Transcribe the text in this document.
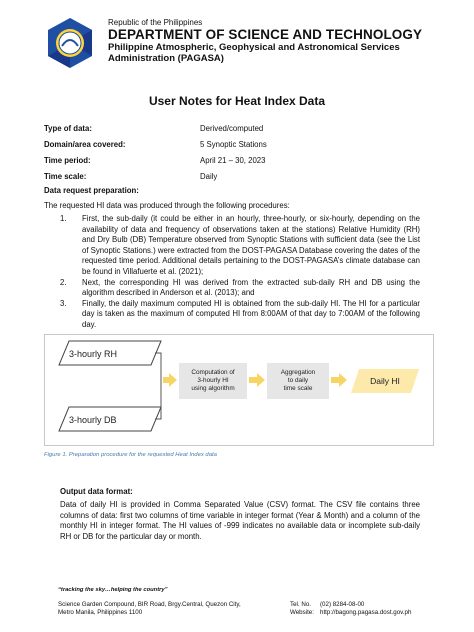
Republic of the Philippines
DEPARTMENT OF SCIENCE AND TECHNOLOGY
Philippine Atmospheric, Geophysical and Astronomical Services
Administration (PAGASA)
User Notes for Heat Index Data
Type of data:	Derived/computed
Domain/area covered:	5 Synoptic Stations
Time period:	April 21 – 30, 2023
Time scale:	Daily
Data request preparation:
The requested HI data was produced through the following procedures:
1. First, the sub-daily (it could be either in an hourly, three-hourly, or six-hourly, depending on the availability of data and frequency of observations taken at the stations) Relative Humidity (RH) and Dry Bulb (DB) Temperature observed from Synoptic Stations with sufficient data (see the List of Synoptic Stations.) were extracted from the DOST-PAGASA Database covering the dates of the requested time period. Additional details pertaining to the DOST-PAGASA’s climate database can be found in Villafuerte et al. (2021);
2. Next, the corresponding HI was derived from the extracted sub-daily RH and DB using the algorithm described in Anderson et al. (2013); and
3. Finally, the daily maximum computed HI is obtained from the sub-daily HI. The HI for a particular day is taken as the maximum of computed HI from 8:00AM of that day to 7:00AM of the following day.
3-hourly RH
3-hourly DB
Computation of
3-hourly HI
using algorithm
Aggregation
to daily
time scale
Daily HI
Figure 1. Preparation procedure for the requested Heat Index data
Output data format:
Data of daily HI is provided in Comma Separated Value (CSV) format. The CSV file contains three columns of data: first two columns of time variable in integer format (Year & Month) and a column of the monthly HI in integer format. The HI values of -999 indicates no available data or incomplete sub-daily RH or DB for the particular day or month.
“tracking the sky…helping the country”
Science Garden Compound, BIR Road, Brgy.Central, Quezon City,
Metro Manila, Philippines 1100
Tel. No. (02) 8284-08-00
Website: http://bagong.pagasa.dost.gov.ph
